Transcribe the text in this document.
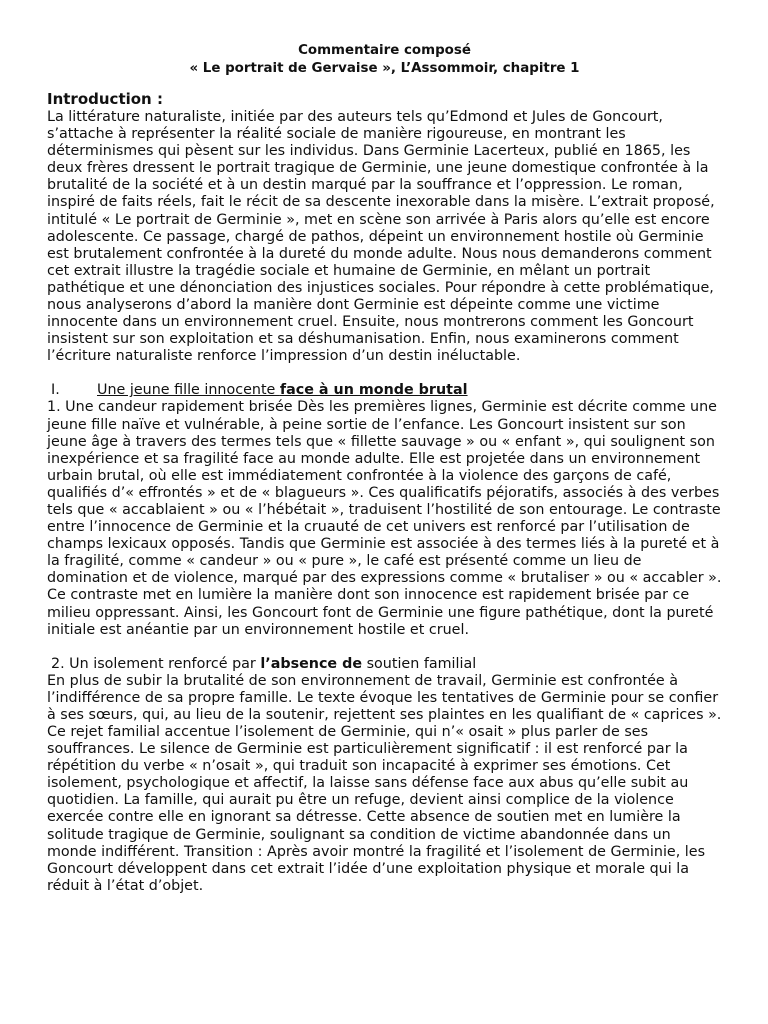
Commentaire composé
« Le portrait de Gervaise », L’Assommoir, chapitre 1
Introduction :

La littérature naturaliste, initiée par des auteurs tels qu’Edmond et Jules de Goncourt, s’attache à représenter la réalité sociale de manière rigoureuse, en montrant les déterminismes qui pèsent sur les individus. Dans Germinie Lacerteux, publié en 1865, les deux frères dressent le portrait tragique de Germinie, une jeune domestique confrontée à la brutalité de la société et à un destin marqué par la souffrance et l’oppression. Le roman, inspiré de faits réels, fait le récit de sa descente inexorable dans la misère. L’extrait proposé, intitulé « Le portrait de Germinie », met en scène son arrivée à Paris alors qu’elle est encore adolescente. Ce passage, chargé de pathos, dépeint un environnement hostile où Germinie est brutalement confrontée à la dureté du monde adulte. Nous nous demanderons comment cet extrait illustre la tragédie sociale et humaine de Germinie, en mêlant un portrait pathétique et une dénonciation des injustices sociales. Pour répondre à cette problématique, nous analyserons d’abord la manière dont Germinie est dépeinte comme une victime innocente dans un environnement cruel. Ensuite, nous montrerons comment les Goncourt insistent sur son exploitation et sa déshumanisation. Enfin, nous examinerons comment l’écriture naturaliste renforce l’impression d’un destin inéluctable.

I.	Une jeune fille innocente face à un monde brutal

1. Une candeur rapidement brisée Dès les premières lignes, Germinie est décrite comme une jeune fille naïve et vulnérable, à peine sortie de l’enfance. Les Goncourt insistent sur son jeune âge à travers des termes tels que « fillette sauvage » ou « enfant », qui soulignent son inexpérience et sa fragilité face au monde adulte. Elle est projetée dans un environnement urbain brutal, où elle est immédiatement confrontée à la violence des garçons de café, qualifiés d’« effrontés » et de « blagueurs ». Ces qualificatifs péjoratifs, associés à des verbes tels que « accablaient » ou « l’hébétait », traduisent l’hostilité de son entourage. Le contraste entre l’innocence de Germinie et la cruauté de cet univers est renforcé par l’utilisation de champs lexicaux opposés. Tandis que Germinie est associée à des termes liés à la pureté et à la fragilité, comme « candeur » ou « pure », le café est présenté comme un lieu de domination et de violence, marqué par des expressions comme « brutaliser » ou « accabler ». Ce contraste met en lumière la manière dont son innocence est rapidement brisée par ce milieu oppressant. Ainsi, les Goncourt font de Germinie une figure pathétique, dont la pureté initiale est anéantie par un environnement hostile et cruel.

2. Un isolement renforcé par l’absence de soutien familial

En plus de subir la brutalité de son environnement de travail, Germinie est confrontée à l’indifférence de sa propre famille. Le texte évoque les tentatives de Germinie pour se confier à ses sœurs, qui, au lieu de la soutenir, rejettent ses plaintes en les qualifiant de « caprices ». Ce rejet familial accentue l’isolement de Germinie, qui n’« osait » plus parler de ses souffrances. Le silence de Germinie est particulièrement significatif : il est renforcé par la répétition du verbe « n’osait », qui traduit son incapacité à exprimer ses émotions. Cet isolement, psychologique et affectif, la laisse sans défense face aux abus qu’elle subit au quotidien. La famille, qui aurait pu être un refuge, devient ainsi complice de la violence exercée contre elle en ignorant sa détresse. Cette absence de soutien met en lumière la solitude tragique de Germinie, soulignant sa condition de victime abandonnée dans un monde indifférent. Transition : Après avoir montré la fragilité et l’isolement de Germinie, les Goncourt développent dans cet extrait l’idée d’une exploitation physique et morale qui la réduit à l’état d’objet.
